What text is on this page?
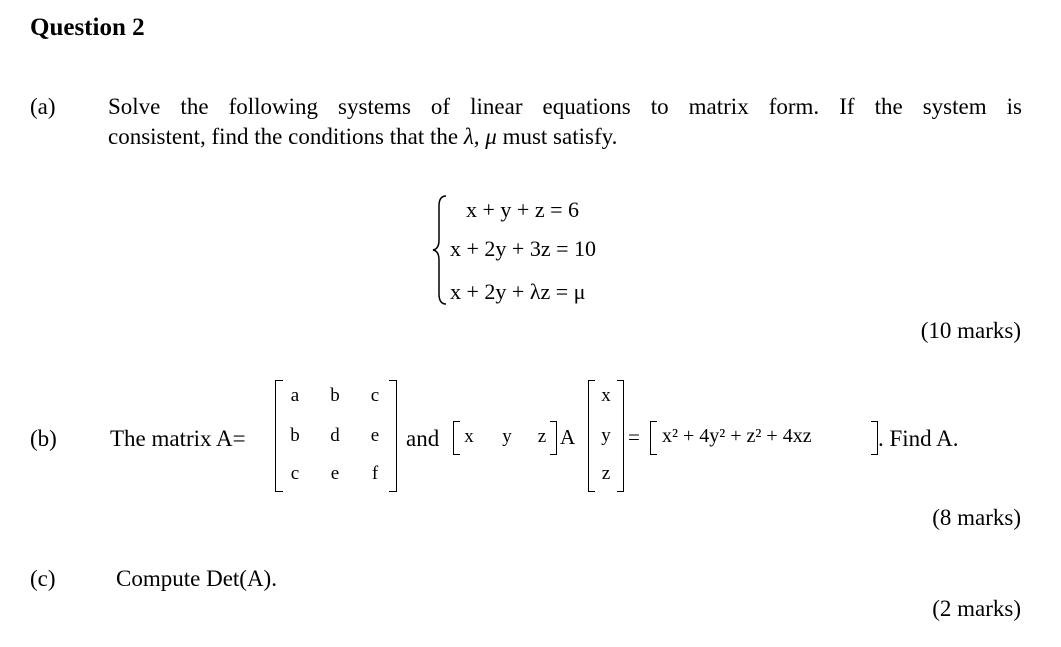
Question 2
(a) Solve the following systems of linear equations to matrix form. If the system is
consistent, find the conditions that the λ, μ must satisfy.
x + y + z = 6
x + 2y + 3z = 10
x + 2y + λz = μ
(10 marks)
(b) The matrix A=
a	b	c
b	d	e
c	e	f
and	x	y	z A
x
y
z
= x² + 4y² + z² + 4xz	. Find A.
(8 marks)
(c)	Compute Det(A).
(2 marks)
